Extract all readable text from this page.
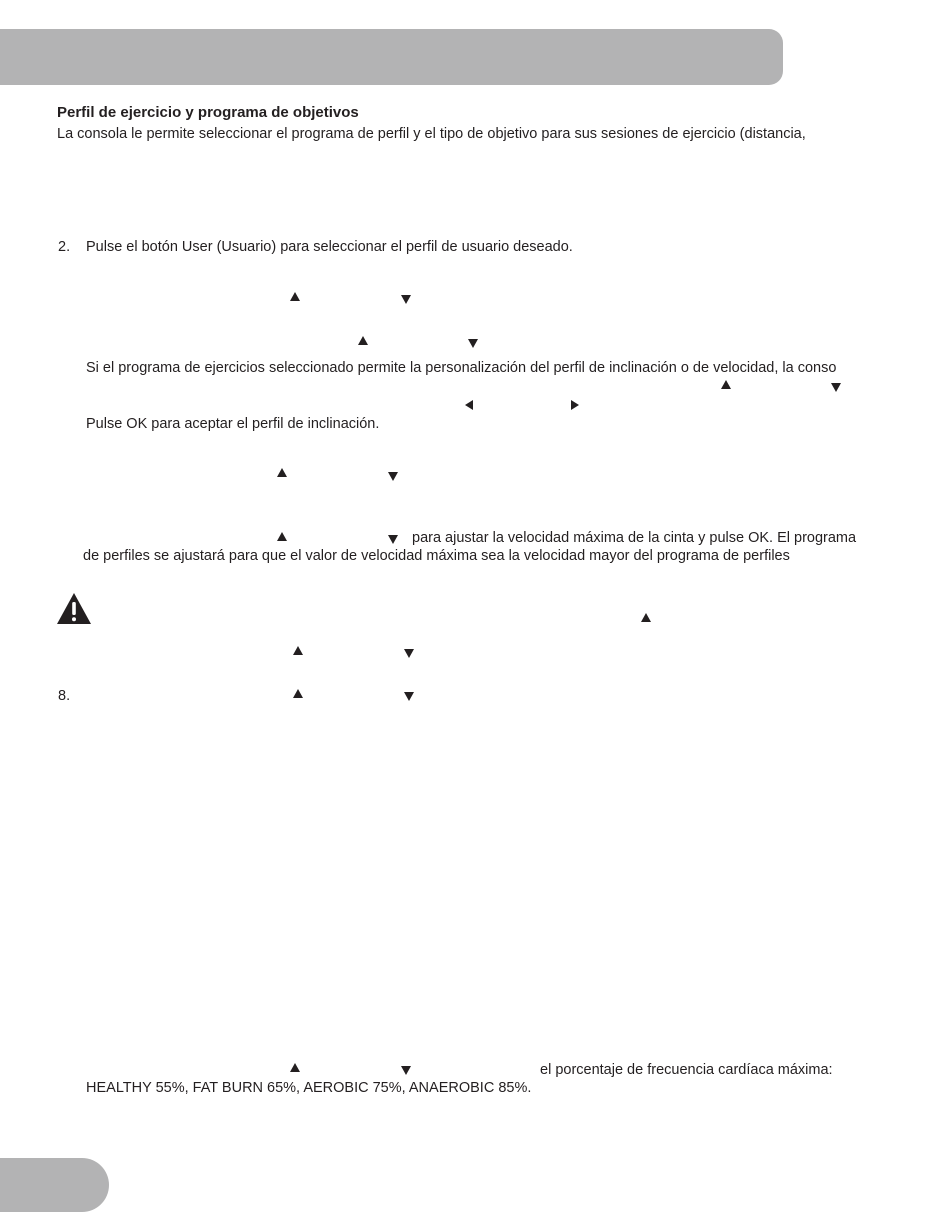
Perfil de ejercicio y programa de objetivos
La consola le permite seleccionar el programa de perfil y el tipo de objetivo para sus sesiones de ejercicio (distancia,
2. Pulse el botón User (Usuario) para seleccionar el perfil de usuario deseado.
Si el programa de ejercicios seleccionado permite la personalización del perfil de inclinación o de velocidad, la conso
Pulse OK para aceptar el perfil de inclinación.
para ajustar la velocidad máxima de la cinta y pulse OK. El programa
de perfiles se ajustará para que el valor de velocidad máxima sea la velocidad mayor del programa de perfiles
8.
el porcentaje de frecuencia cardíaca máxima:
HEALTHY 55%, FAT BURN 65%, AEROBIC 75%, ANAEROBIC 85%.
